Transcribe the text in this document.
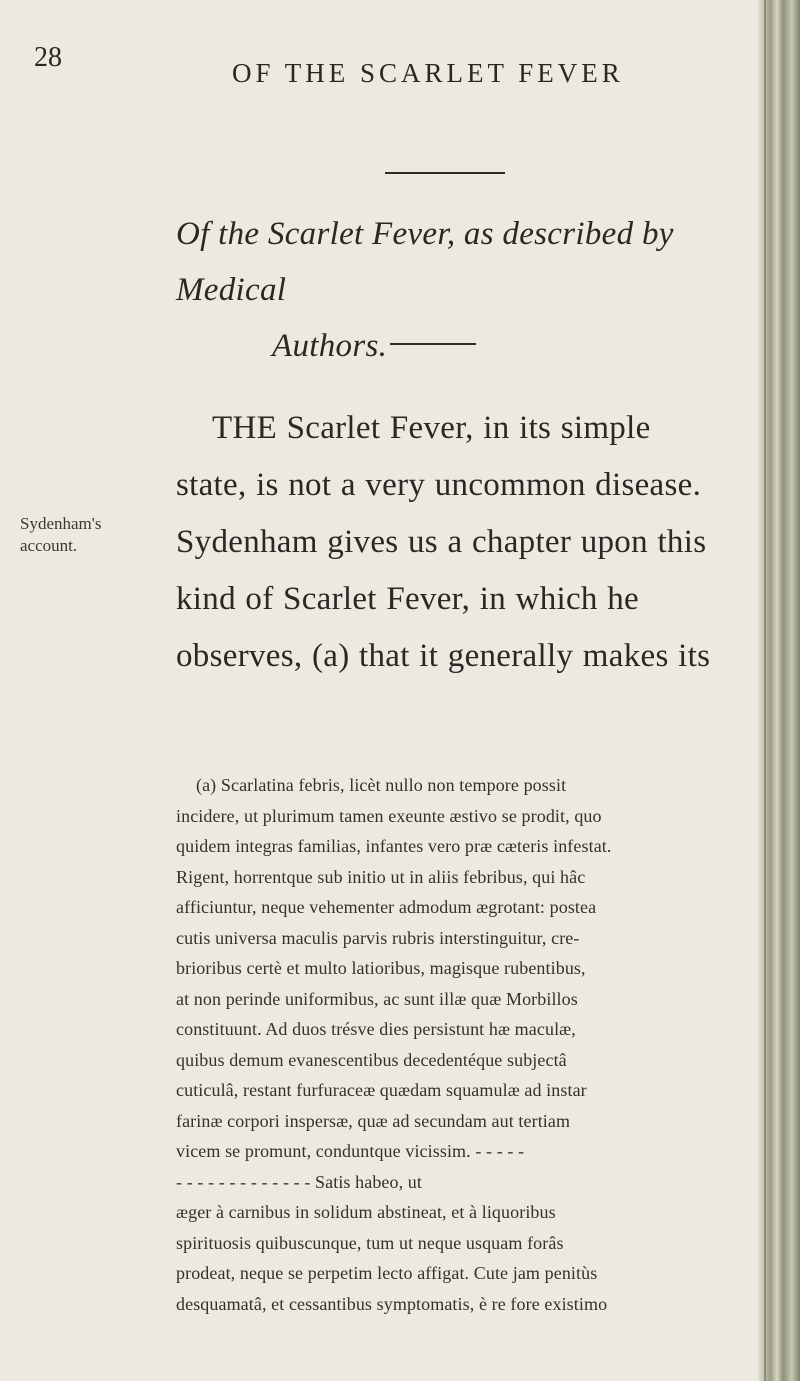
28	OF THE SCARLET FEVER
Of the Scarlet Fever, as described by Medical
Authors.
Sydenham's
account.
THE Scarlet Fever, in its simple
state, is not a very uncommon disease.
Sydenham gives us a chapter upon this
kind of Scarlet Fever, in which he
observes, (a) that it generally makes its
(a) Scarlatina febris, licèt nullo non tempore possit
incidere, ut plurimum tamen exeunte æstivo se prodit, quo
quidem integras familias, infantes vero præ cæteris infestat.
Rigent, horrentque sub initio ut in aliis febribus, qui hâc
afficiuntur, neque vehementer admodum ægrotant: postea
cutis universa maculis parvis rubris interstinguitur, cre-
brioribus certè et multo latioribus, magisque rubentibus,
at non perinde uniformibus, ac sunt illæ quæ Morbillos
constituunt. Ad duos trésve dies persistunt hæ maculæ,
quibus demum evanescentibus decedentéque subjectâ
cuticulâ, restant furfuraceæ quædam squamulæ ad instar
farinæ corpori inspersæ, quæ ad secundam aut tertiam
vicem se promunt, conduntque vicissim. - - - - -
- - - - - - - - - - - - - Satis habeo, ut
æger à carnibus in solidum abstineat, et à liquoribus
spirituosis quibuscunque, tum ut neque usquam forâs
prodeat, neque se perpetim lecto affigat. Cute jam penitùs
desquamatâ, et cessantibus symptomatis, è re fore existimo
